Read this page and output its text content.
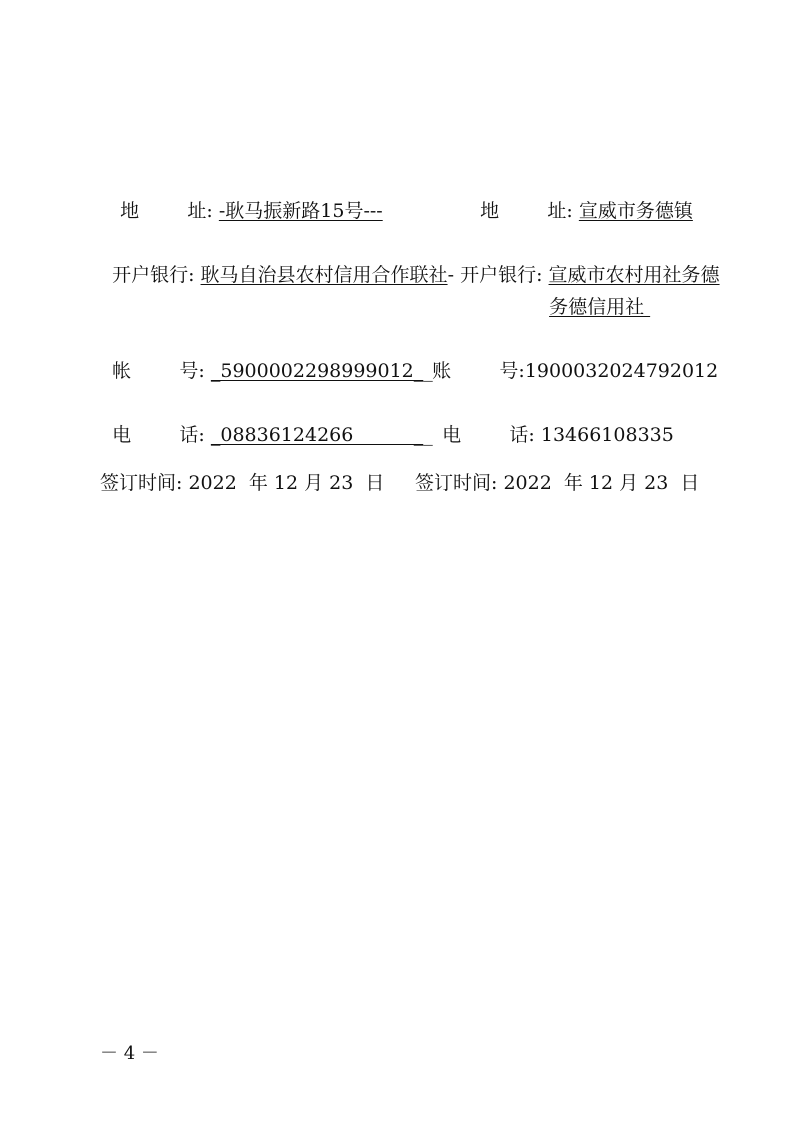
地        址: -耿马振新路15号---	地        址: 宣威市务德镇

开户银行: 耿马自治县农村信用合作联社- 开户银行: 宣威市农村用社务德

务德信用社

帐        号: _5900002298999012__ 账        号:1900032024792012

电        话: _08836124266          __ 电        话: 13466108335

签订时间: 2022  年 12 月 23  日 签订时间: 2022  年 12 月 23  日
－ 4 －
